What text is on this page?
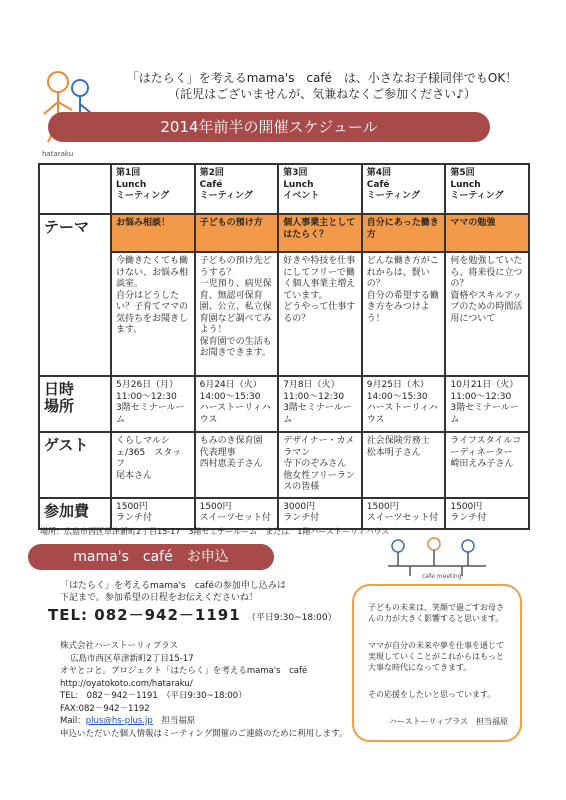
hataraku
「はたらく」を考えるmama's　café　は、小さなお子様同伴でもOK！
（託児はございませんが、気兼ねなくご参加ください♪）
2014年前半の開催スケジュール

	第1回
Lunch
ミーティング	第2回
Café
ミーティング	第3回
Lunch
イベント	第4回
Café
ミーティング	第5回
Lunch
ミーティング

テーマ	お悩み相談！	子どもの預け方	個人事業主としてはたらく？	自分にあった働き方	ママの勉強
	今働きたくても働けない、お悩み相談室。
自分はどうしたい？子育てママの気持ちをお聞きします。	子どもの預け先どうする？
一児預り、病児保育、無認可保育園、公立、私立保育園など調べてみよう！
保育園での生活もお聞きできます。	好きや特技を仕事にしてフリーで働く個人事業主増えています。
どうやって仕事するの？	どんな働き方がこれからは、賢いの？
自分の希望する働き方をみつけよう！	何を勉強していたら、将来役に立つの？
資格やスキルアップのための時間活用について
日時
場所	5月26日（月）
11:00～12:30
3階セミナールーム	6月24日（火）
14:00～15:30
ハーストーリィハウス	7月8日（火）
11:00～12:30
3階セミナールーム	9月25日（木）
14:00～15:30
ハーストーリィハウス	10月21日（火）
11:00～12:30
3階セミナールーム

ゲスト	くらしマルシェ/365　スタッフ
尾本さん	もみのき保育園
代表理事
西村恵美子さん	デザイナー・カメラマン
寺下のぞみさん
他女性フリーランスの皆様	社会保険労務士
松本明子さん	ライフスタイルコーディネーター
崎田えみ子さん
参加費	1500円
ランチ付	1500円
スイーツセット付	3000円
ランチ付	1500円
スイーツセット付	1500円
ランチ付
場所：広島市西区草津新町2丁目15-17　3階セミナールーム　または　1階ハーストーリィハウス
mama's　café　お申込
cafe meeting
「はたらく」を考えるmama's　caféの参加申し込みは
下記まで。参加希望の日程をお伝えくださいね！
TEL: 082－942－1191 （平日9:30~18:00）
株式会社ハーストーリィプラス
広島市西区草津新町2丁目15-17
オヤとコと。プロジェクト「はたらく」を考えるmama's　café
http://oyatokoto.com/hataraku/
TEL:　082－942－1191　（平日9:30~18:00）
FAX:082－942－1192
Mail：plus@hs-plus.jp　担当福原
申込いただいた個人情報はミーティング開催のご連絡のために利用します。

子どもの未来は、笑顔で過ごすお母さんの力が大きく影響すると思います。

ママが自分の未来や夢を仕事を通じて実現していくことがこれからはもっと大事な時代になってきます。

その応援をしたいと思っています。

ハーストーリィプラス　担当福原
